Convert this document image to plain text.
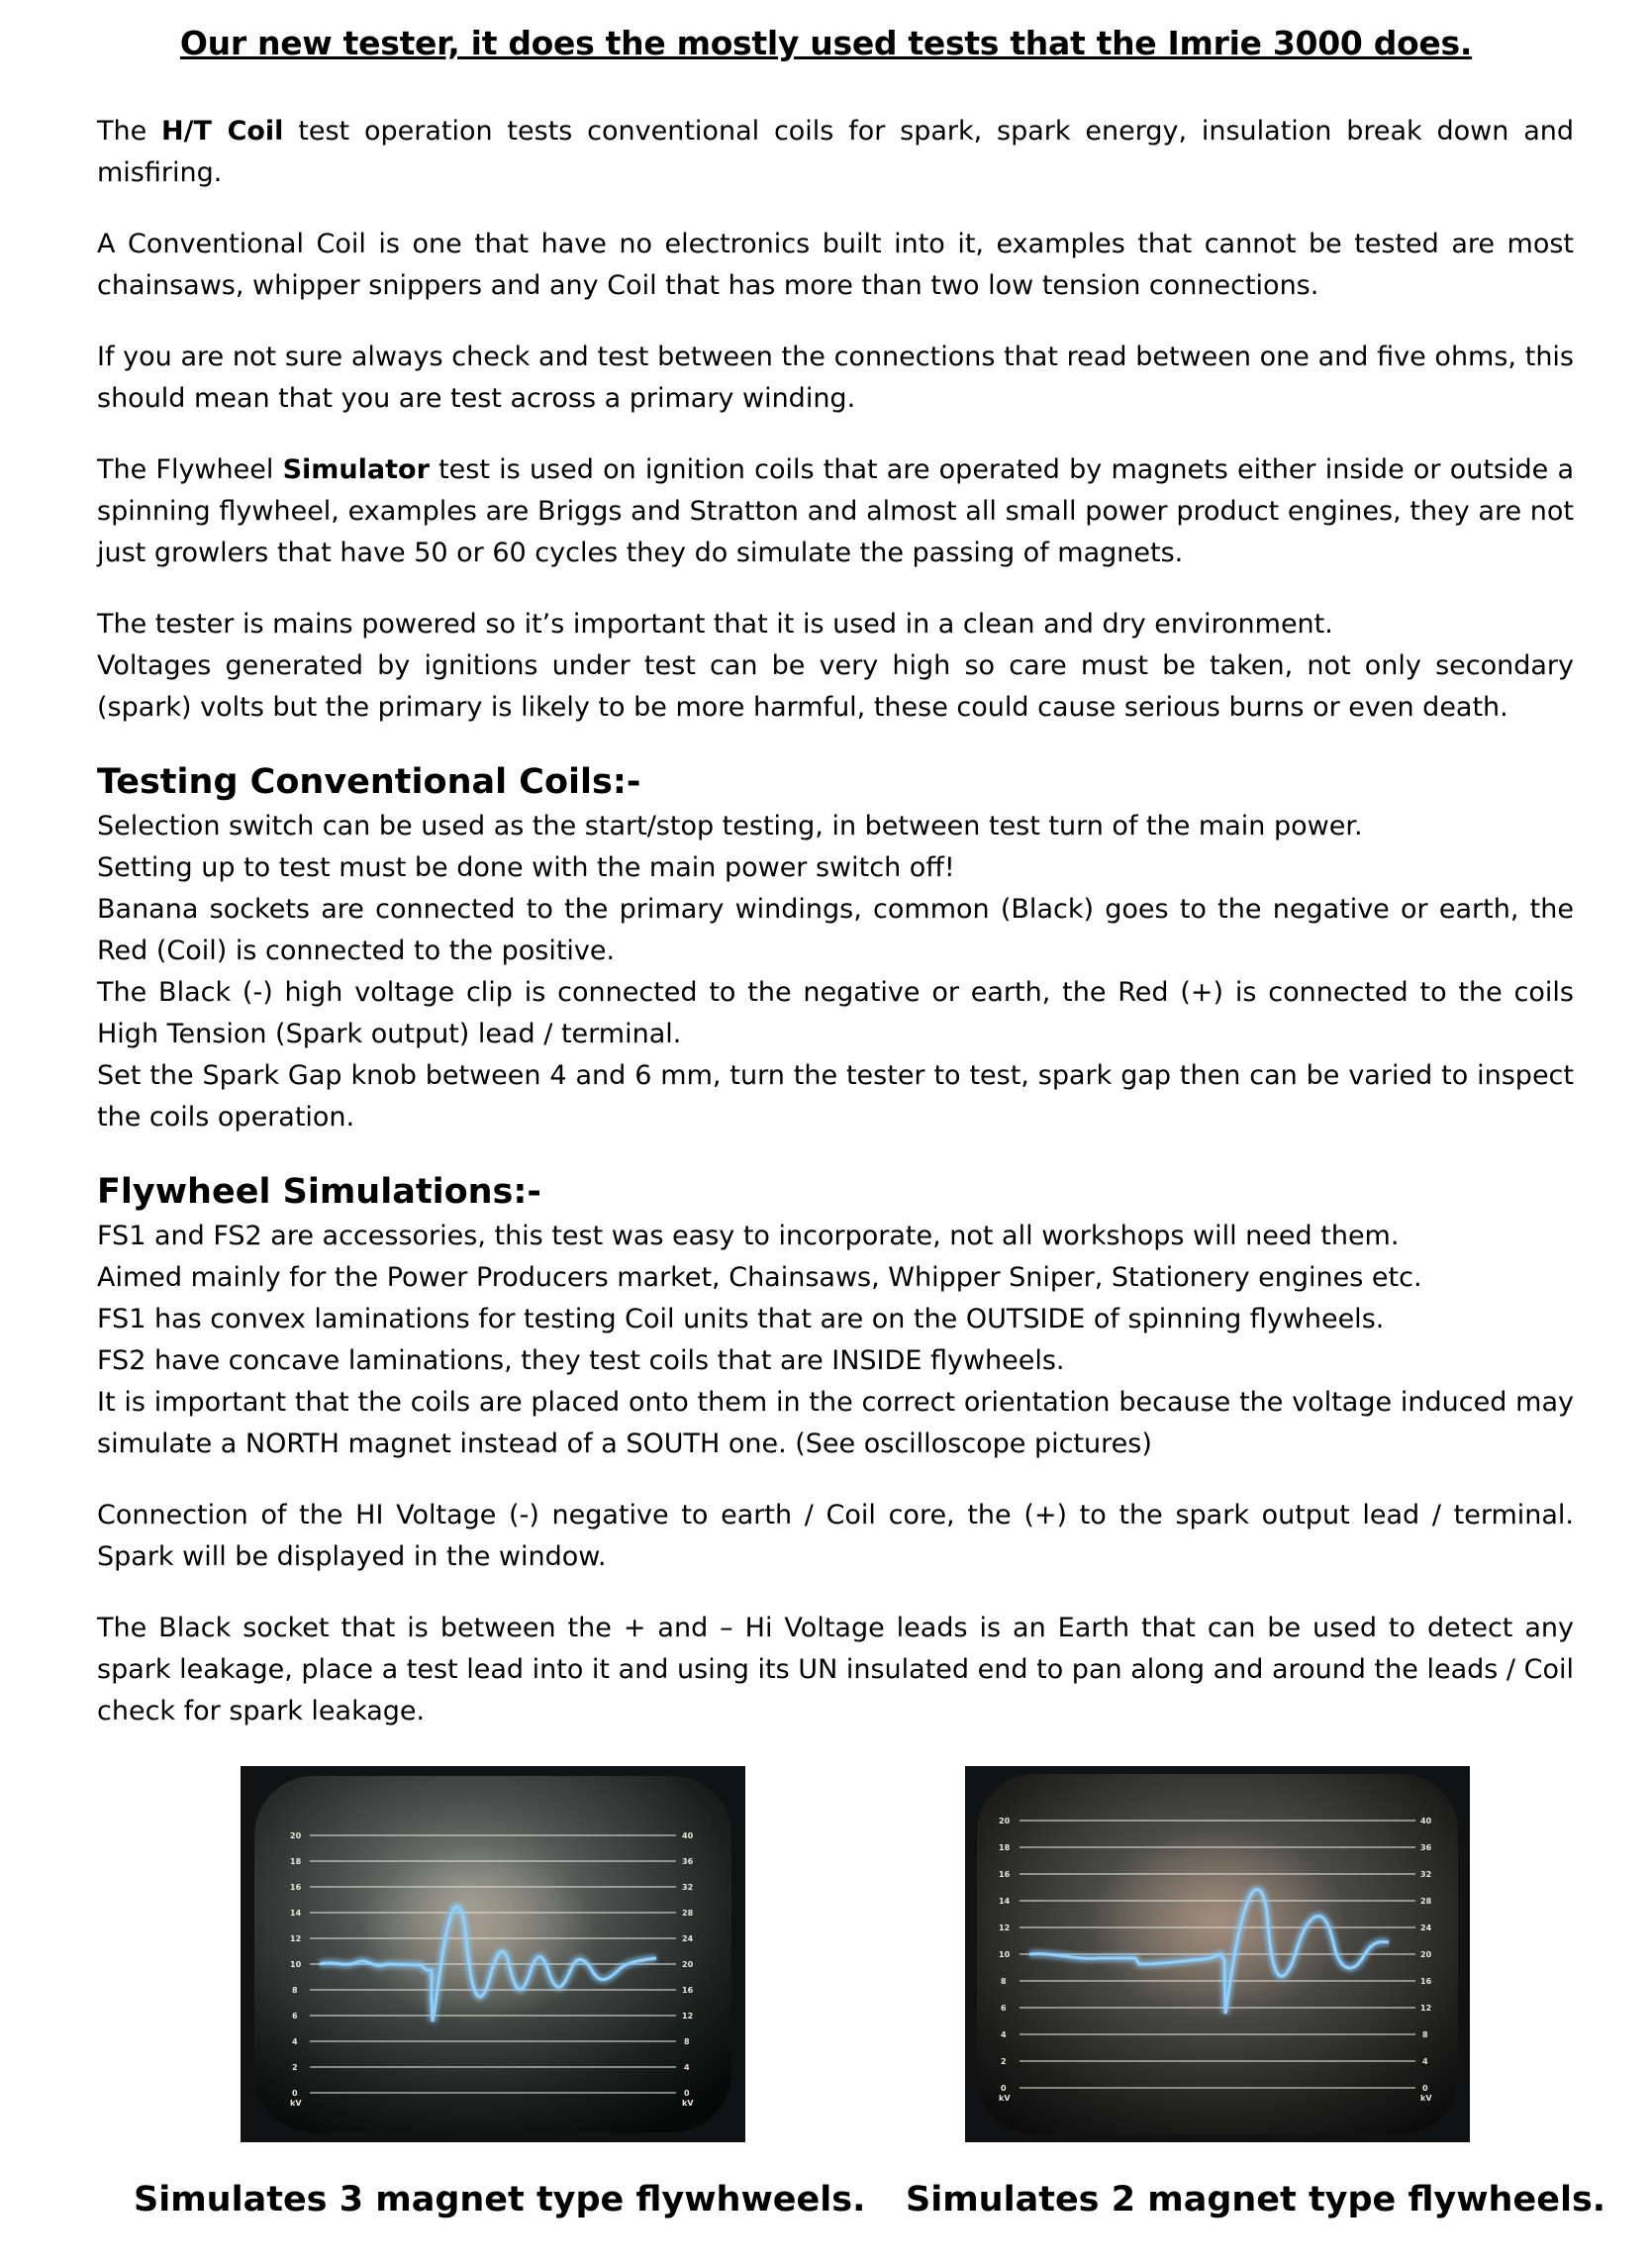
Our new tester, it does the mostly used tests that the Imrie 3000 does.

The H/T Coil test operation tests conventional coils for spark, spark energy, insulation break down and misfiring.

A Conventional Coil is one that have no electronics built into it, examples that cannot be tested are most chainsaws, whipper snippers and any Coil that has more than two low tension connections.

If you are not sure always check and test between the connections that read between one and five ohms, this should mean that you are test across a primary winding.

The Flywheel Simulator test is used on ignition coils that are operated by magnets either inside or outside a spinning flywheel, examples are Briggs and Stratton and almost all small power product engines, they are not just growlers that have 50 or 60 cycles they do simulate the passing of magnets.

The tester is mains powered so it’s important that it is used in a clean and dry environment.

Voltages generated by ignitions under test can be very high so care must be taken, not only secondary (spark) volts but the primary is likely to be more harmful, these could cause serious burns or even death.

Testing Conventional Coils:-
Selection switch can be used as the start/stop testing, in between test turn of the main power.
Setting up to test must be done with the main power switch off!
Banana sockets are connected to the primary windings, common (Black) goes to the negative or earth, the Red (Coil) is connected to the positive.
The Black (-) high voltage clip is connected to the negative or earth, the Red (+) is connected to the coils High Tension (Spark output) lead / terminal.
Set the Spark Gap knob between 4 and 6 mm, turn the tester to test, spark gap then can be varied to inspect the coils operation.
Flywheel Simulations:-
FS1 and FS2 are accessories, this test was easy to incorporate, not all workshops will need them.
Aimed mainly for the Power Producers market, Chainsaws, Whipper Sniper, Stationery engines etc.
FS1 has convex laminations for testing Coil units that are on the OUTSIDE of spinning flywheels.
FS2 have concave laminations, they test coils that are INSIDE flywheels.
It is important that the coils are placed onto them in the correct orientation because the voltage induced may simulate a NORTH magnet instead of a SOUTH one. (See oscilloscope pictures)

Connection of the HI Voltage (-) negative to earth / Coil core, the (+) to the spark output lead / terminal. Spark will be displayed in the window.

The Black socket that is between the + and – Hi Voltage leads is an Earth that can be used to detect any spark leakage, place a test lead into it and using its UN insulated end to pan along and around the leads / Coil check for spark leakage.

20
18
16
14
12
10
8
6
4
2
0
kV
40
36
32
28
24
20
16
12
8
4
0
kV
20
18
16
14
12
10
8
6
4
2
0
kV
40
36
32
28
24
20
16
12
8
4
0
kV
Simulates 3 magnet type flywhweels. Simulates 2 magnet type flywheels.
